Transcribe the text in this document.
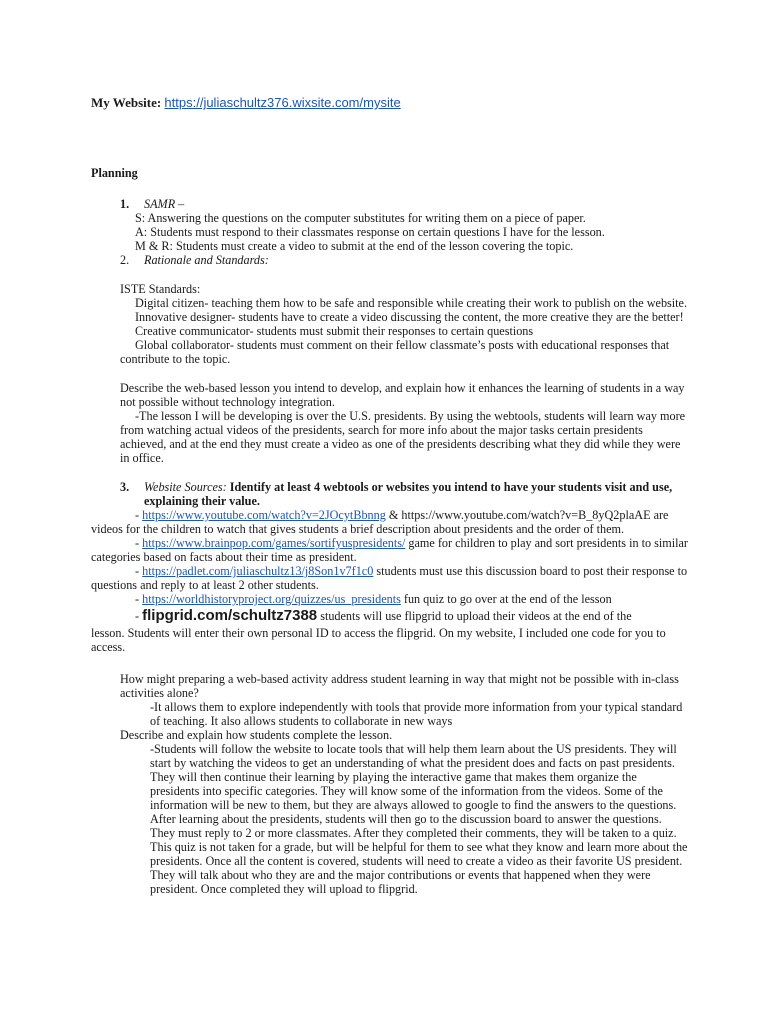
My Website: https://juliaschultz376.wixsite.com/mysite
Planning
1. SAMR –
S: Answering the questions on the computer substitutes for writing them on a piece of paper.
A: Students must respond to their classmates response on certain questions I have for the lesson.
M & R: Students must create a video to submit at the end of the lesson covering the topic.
2. Rationale and Standards:
ISTE Standards:
Digital citizen- teaching them how to be safe and responsible while creating their work to publish on the website.
Innovative designer- students have to create a video discussing the content, the more creative they are the better!
Creative communicator- students must submit their responses to certain questions
Global collaborator- students must comment on their fellow classmate’s posts with educational responses that
contribute to the topic.
Describe the web-based lesson you intend to develop, and explain how it enhances the learning of students in a way
not possible without technology integration.
-The lesson I will be developing is over the U.S. presidents. By using the webtools, students will learn way more
from watching actual videos of the presidents, search for more info about the major tasks certain presidents
achieved, and at the end they must create a video as one of the presidents describing what they did while they were
in office.
3. Website Sources: Identify at least 4 webtools or websites you intend to have your students visit and use,
explaining their value.
- https://www.youtube.com/watch?v=2JOcytBbnng & https://www.youtube.com/watch?v=B_8yQ2plaAE are
videos for the children to watch that gives students a brief description about presidents and the order of them.
- https://www.brainpop.com/games/sortifyuspresidents/ game for children to play and sort presidents in to similar
categories based on facts about their time as president.
- https://padlet.com/juliaschultz13/j8Son1v7f1c0 students must use this discussion board to post their response to
questions and reply to at least 2 other students.
- https://worldhistoryproject.org/quizzes/us_presidents fun quiz to go over at the end of the lesson
- flipgrid.com/schultz7388 students will use flipgrid to upload their videos at the end of the
lesson. Students will enter their own personal ID to access the flipgrid. On my website, I included one code for you to
access.
How might preparing a web-based activity address student learning in way that might not be possible with in-class
activities alone?
-It allows them to explore independently with tools that provide more information from your typical standard
of teaching. It also allows students to collaborate in new ways
Describe and explain how students complete the lesson.
-Students will follow the website to locate tools that will help them learn about the US presidents. They will
start by watching the videos to get an understanding of what the president does and facts on past presidents.
They will then continue their learning by playing the interactive game that makes them organize the
presidents into specific categories. They will know some of the information from the videos. Some of the
information will be new to them, but they are always allowed to google to find the answers to the questions.
After learning about the presidents, students will then go to the discussion board to answer the questions.
They must reply to 2 or more classmates. After they completed their comments, they will be taken to a quiz.
This quiz is not taken for a grade, but will be helpful for them to see what they know and learn more about the
presidents. Once all the content is covered, students will need to create a video as their favorite US president.
They will talk about who they are and the major contributions or events that happened when they were
president. Once completed they will upload to flipgrid.
